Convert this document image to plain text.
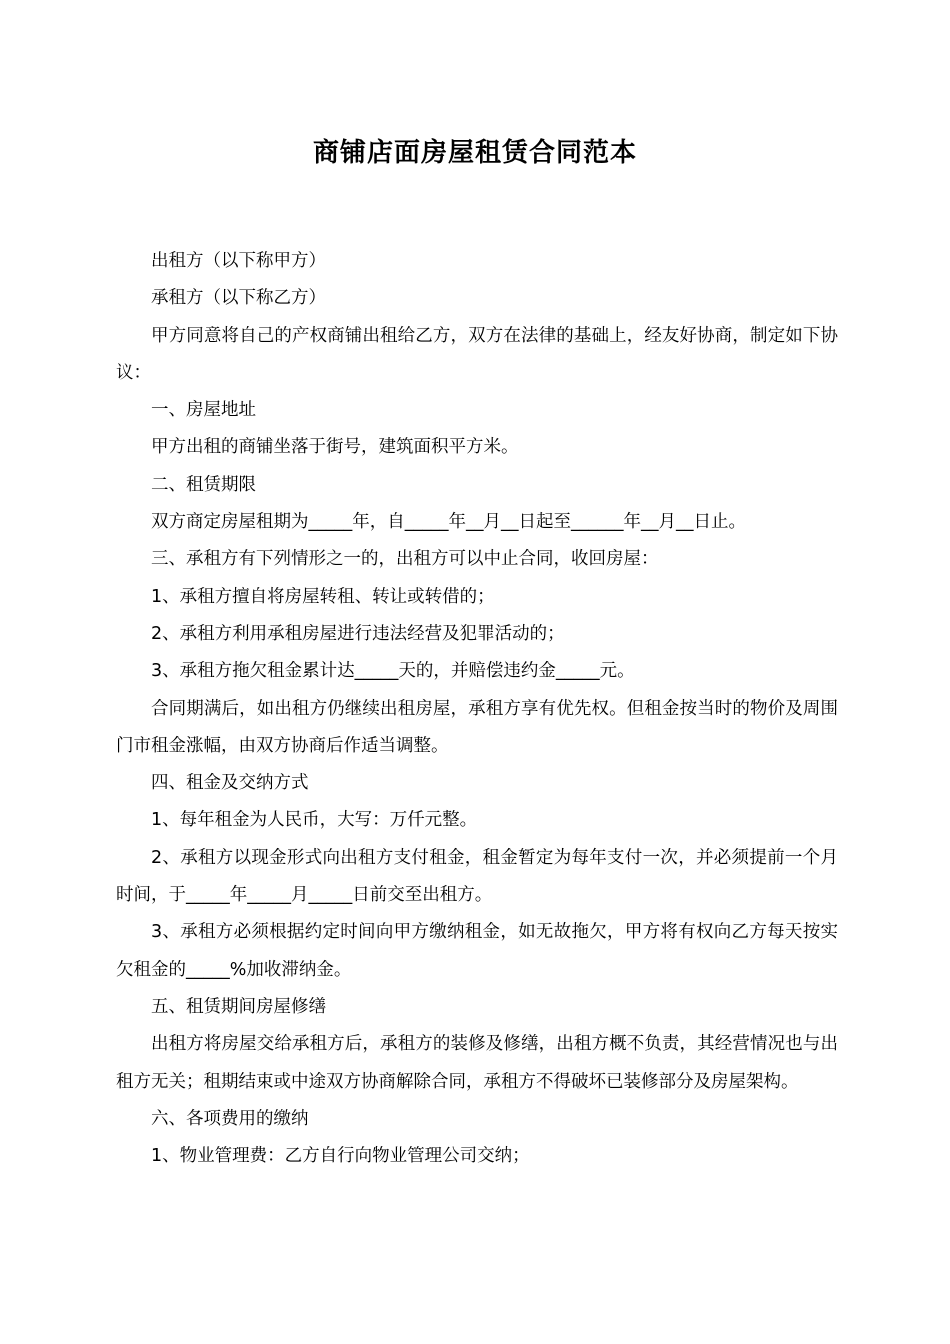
商铺店面房屋租赁合同范本

出租方（以下称甲方）

承租方（以下称乙方）

甲方同意将自己的产权商铺出租给乙方，双方在法律的基础上，经友好协商，制定如下协议：

一、房屋地址

甲方出租的商铺坐落于街号，建筑面积平方米。

二、租赁期限

双方商定房屋租期为_____年，自_____年__月__日起至______年__月__日止。

三、承租方有下列情形之一的，出租方可以中止合同，收回房屋：

1、承租方擅自将房屋转租、转让或转借的；

2、承租方利用承租房屋进行违法经营及犯罪活动的；

3、承租方拖欠租金累计达_____天的，并赔偿违约金_____元。

合同期满后，如出租方仍继续出租房屋，承租方享有优先权。但租金按当时的物价及周围门市租金涨幅，由双方协商后作适当调整。

四、租金及交纳方式

1、每年租金为人民币，大写：万仟元整。

2、承租方以现金形式向出租方支付租金，租金暂定为每年支付一次，并必须提前一个月时间，于_____年_____月_____日前交至出租方。

3、承租方必须根据约定时间向甲方缴纳租金，如无故拖欠，甲方将有权向乙方每天按实欠租金的_____%加收滞纳金。

五、租赁期间房屋修缮

出租方将房屋交给承租方后，承租方的装修及修缮，出租方概不负责，其经营情况也与出租方无关；租期结束或中途双方协商解除合同，承租方不得破坏已装修部分及房屋架构。

六、各项费用的缴纳

1、物业管理费：乙方自行向物业管理公司交纳；
